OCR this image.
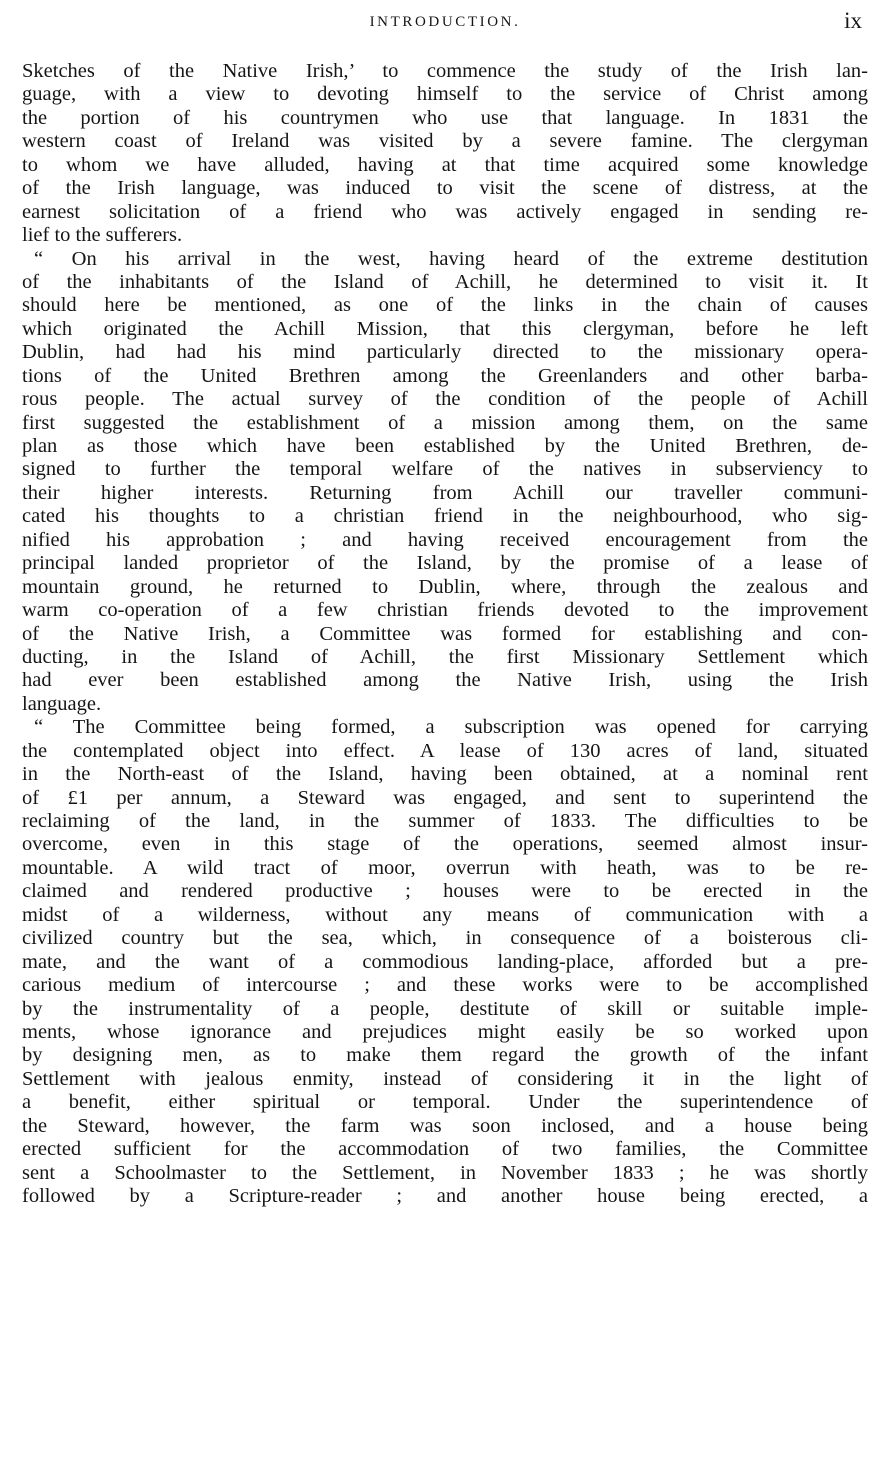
INTRODUCTION.	ix
Sketches of the Native Irish,’ to commence the study of the Irish lan-
guage, with a view to devoting himself to the service of Christ among
the portion of his countrymen who use that language. In 1831 the
western coast of Ireland was visited by a severe famine. The clergyman
to whom we have alluded, having at that time acquired some knowledge
of the Irish language, was induced to visit the scene of distress, at the
earnest solicitation of a friend who was actively engaged in sending re-
lief to the sufferers.
“ On his arrival in the west, having heard of the extreme destitution
of the inhabitants of the Island of Achill, he determined to visit it. It
should here be mentioned, as one of the links in the chain of causes
which originated the Achill Mission, that this clergyman, before he left
Dublin, had had his mind particularly directed to the missionary opera-
tions of the United Brethren among the Greenlanders and other barba-
rous people. The actual survey of the condition of the people of Achill
first suggested the establishment of a mission among them, on the same
plan as those which have been established by the United Brethren, de-
signed to further the temporal welfare of the natives in subserviency to
their higher interests. Returning from Achill our traveller communi-
cated his thoughts to a christian friend in the neighbourhood, who sig-
nified his approbation ; and having received encouragement from the
principal landed proprietor of the Island, by the promise of a lease of
mountain ground, he returned to Dublin, where, through the zealous and
warm co-operation of a few christian friends devoted to the improvement
of the Native Irish, a Committee was formed for establishing and con-
ducting, in the Island of Achill, the first Missionary Settlement which
had ever been established among the Native Irish, using the Irish
language.
“ The Committee being formed, a subscription was opened for carrying
the contemplated object into effect. A lease of 130 acres of land, situated
in the North-east of the Island, having been obtained, at a nominal rent
of £1 per annum, a Steward was engaged, and sent to superintend the
reclaiming of the land, in the summer of 1833. The difficulties to be
overcome, even in this stage of the operations, seemed almost insur-
mountable. A wild tract of moor, overrun with heath, was to be re-
claimed and rendered productive ; houses were to be erected in the
midst of a wilderness, without any means of communication with a
civilized country but the sea, which, in consequence of a boisterous cli-
mate, and the want of a commodious landing-place, afforded but a pre-
carious medium of intercourse ; and these works were to be accomplished
by the instrumentality of a people, destitute of skill or suitable imple-
ments, whose ignorance and prejudices might easily be so worked upon
by designing men, as to make them regard the growth of the infant
Settlement with jealous enmity, instead of considering it in the light of
a benefit, either spiritual or temporal. Under the superintendence of
the Steward, however, the farm was soon inclosed, and a house being
erected sufficient for the accommodation of two families, the Committee
sent a Schoolmaster to the Settlement, in November 1833 ; he was shortly
followed by a Scripture-reader ; and another house being erected, a
